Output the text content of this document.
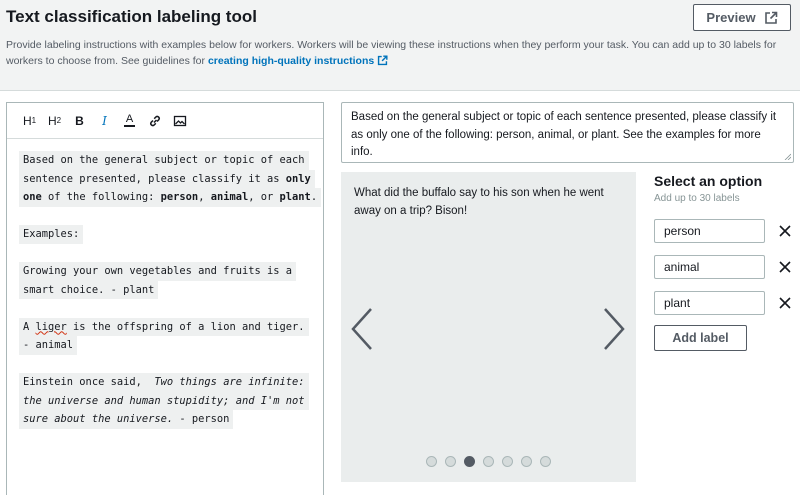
Text classification labeling tool	Preview
Provide labeling instructions with examples below for workers. Workers will be viewing these instructions when they perform your task. You can add up to 30 labels for workers to choose from. See guidelines for creating high-quality instructions
H 1 H 2	B	I	A
Based on the general subject or topic of each
sentence presented, please classify it as only
one of the following: person, animal, or plant.
Examples:
Growing your own vegetables and fruits is a
smart choice. - plant
A liger is the offspring of a lion and tiger.
- animal
Einstein once said,  Two things are infinite:
the universe and human stupidity; and I'm not
sure about the universe. - person
Based on the general subject or topic of each sentence presented, please classify it as only one of the following: person, animal, or plant. See the examples for more info.
What did the buffalo say to his son when he went away on a trip? Bison!
Select an option
Add up to 30 labels
person
animal
plant
Add label
